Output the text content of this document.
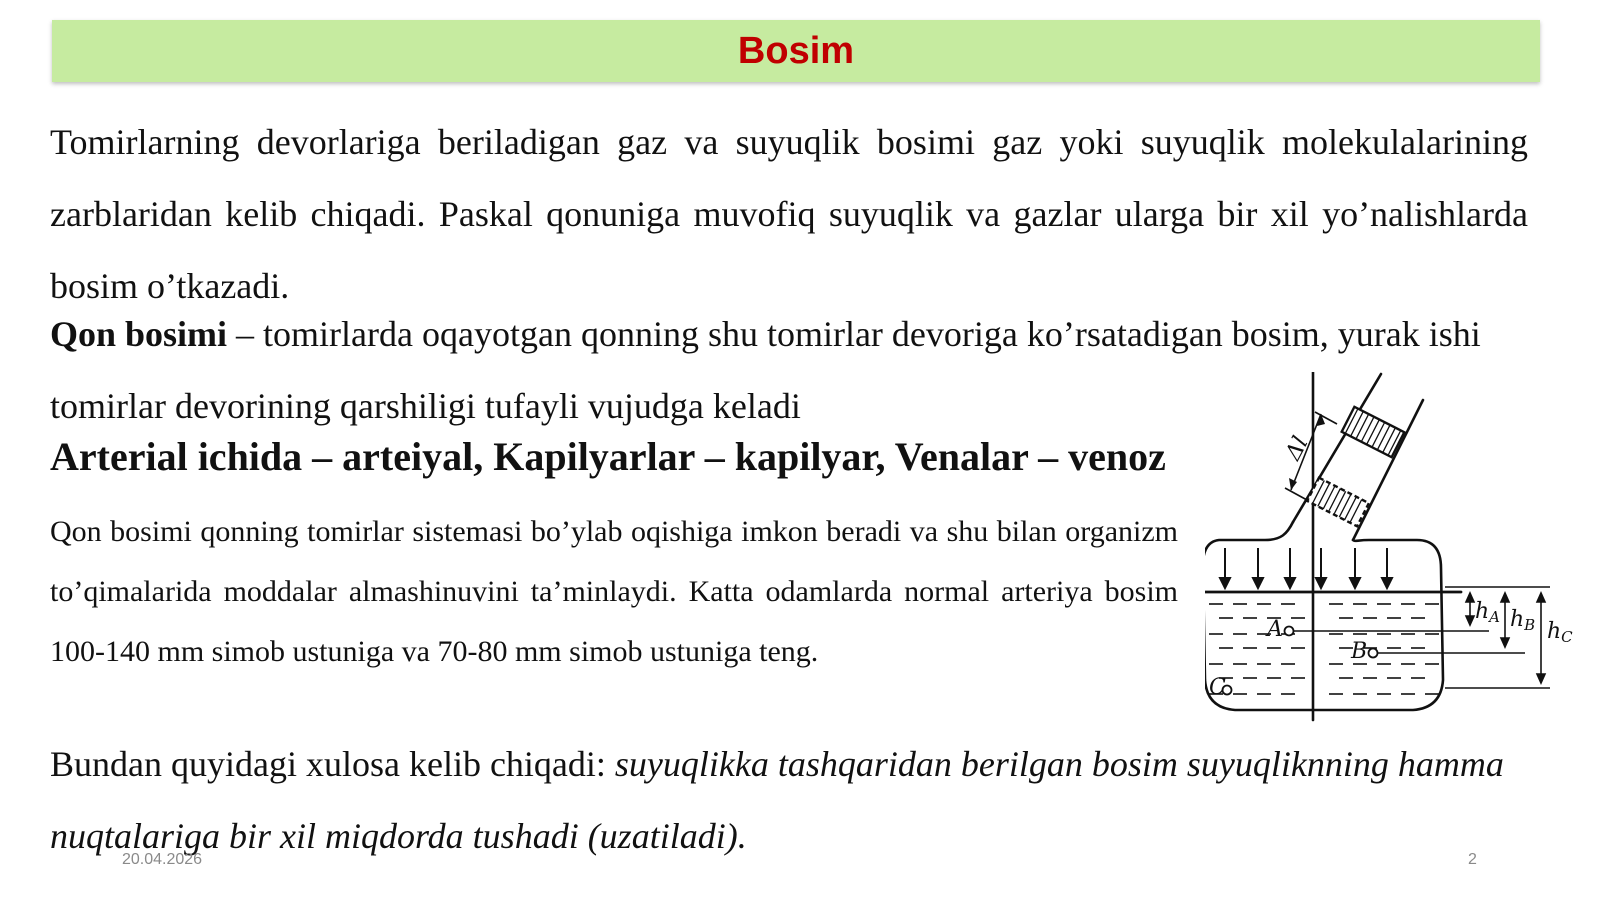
Bosim

Tomirlarning devorlariga beriladigan gaz va suyuqlik bosimi gaz yoki suyuqlik molekulalarining zarblaridan kelib chiqadi. Paskal qonuniga muvofiq suyuqlik va gazlar ularga bir xil yo’nalishlarda bosim o’tkazadi.

Qon bosimi – tomirlarda oqayotgan qonning shu tomirlar devoriga ko’rsatadigan bosim, yurak ishi tomirlar devorining qarshiligi tufayli vujudga keladi

Arterial ichida – arteiyal, Kapilyarlar – kapilyar, Venalar – venoz

Qon bosimi qonning tomirlar sistemasi bo’ylab oqishiga imkon beradi va shu bilan organizm to’qimalarida moddalar almashinuvini ta’minlaydi. Katta odamlarda normal arteriya bosim 100-140 mm simob ustuniga va 70-80 mm simob ustuniga teng.

Bundan quyidagi xulosa kelib chiqadi: suyuqlikka tashqaridan berilgan bosim suyuqliknning hamma nuqtalariga bir xil miqdorda tushadi (uzatiladi).

20.04.2026	2
Δl
A
B
C
hA hB hC
